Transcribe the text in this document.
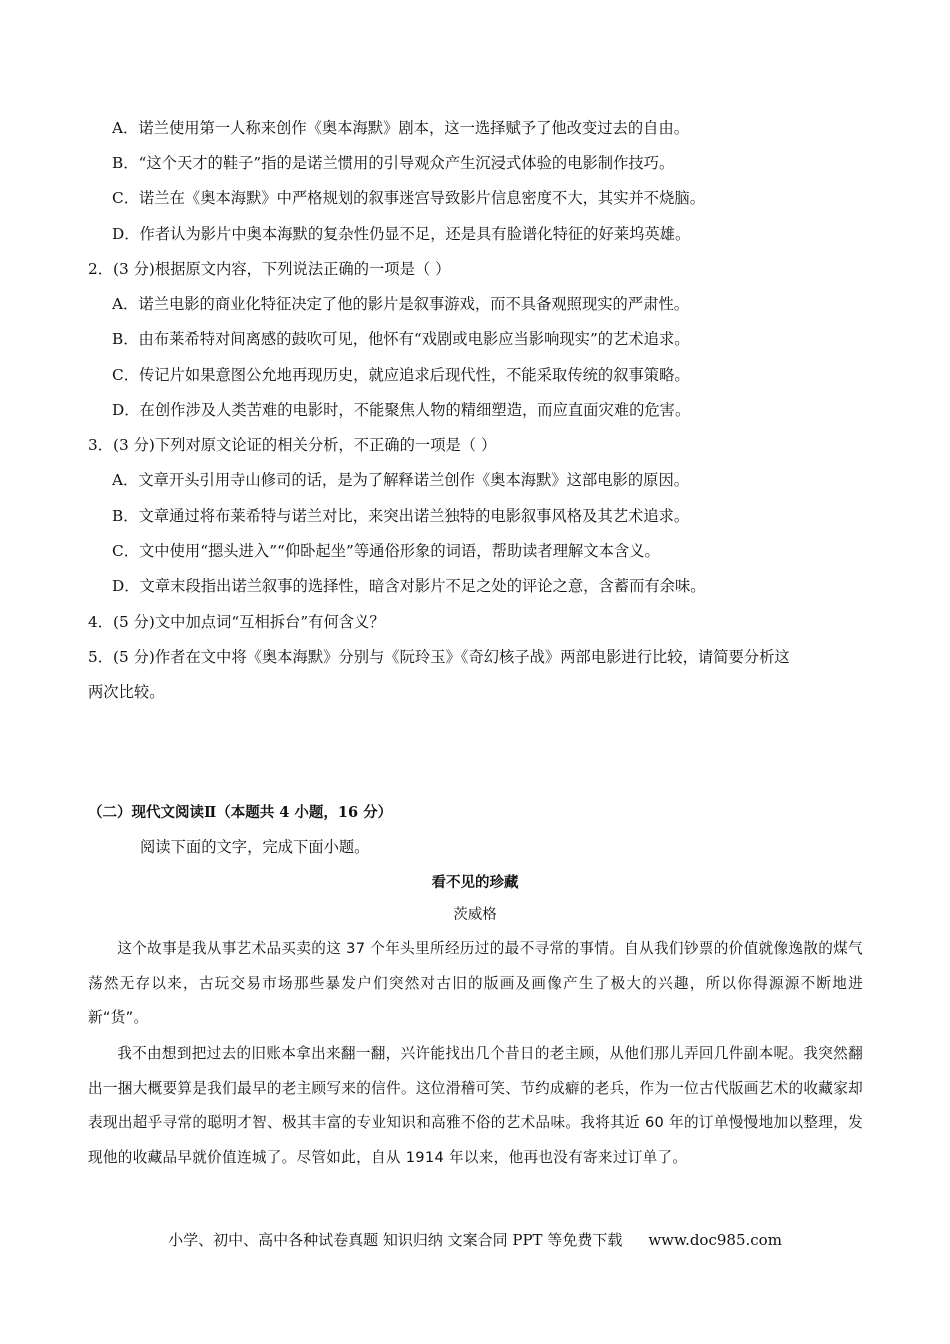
A．诺兰使用第一人称来创作《奥本海默》剧本，这一选择赋予了他改变过去的自由。

B．“这个天才的鞋子”指的是诺兰惯用的引导观众产生沉浸式体验的电影制作技巧。

C．诺兰在《奥本海默》中严格规划的叙事迷宫导致影片信息密度不大，其实并不烧脑。

D．作者认为影片中奥本海默的复杂性仍显不足，还是具有脸谱化特征的好莱坞英雄。

2．(3 分)根据原文内容，下列说法正确的一项是（ ）

A．诺兰电影的商业化特征决定了他的影片是叙事游戏，而不具备观照现实的严肃性。

B．由布莱希特对间离感的鼓吹可见，他怀有“戏剧或电影应当影响现实”的艺术追求。

C．传记片如果意图公允地再现历史，就应追求后现代性，不能采取传统的叙事策略。

D．在创作涉及人类苦难的电影时，不能聚焦人物的精细塑造，而应直面灾难的危害。

3．(3 分)下列对原文论证的相关分析，不正确的一项是（ ）

A．文章开头引用寺山修司的话，是为了解释诺兰创作《奥本海默》这部电影的原因。

B．文章通过将布莱希特与诺兰对比，来突出诺兰独特的电影叙事风格及其艺术追求。

C．文中使用“摁头进入”“仰卧起坐”等通俗形象的词语，帮助读者理解文本含义。

D．文章末段指出诺兰叙事的选择性，暗含对影片不足之处的评论之意，含蓄而有余味。

4．(5 分)文中加点词“互相拆台”有何含义？

5．(5 分)作者在文中将《奥本海默》分别与《阮玲玉》《奇幻核子战》两部电影进行比较，请简要分析这

两次比较。

（二）现代文阅读Ⅱ（本题共 4 小题，16 分）

阅读下面的文字，完成下面小题。

看不见的珍藏

茨威格

这个故事是我从事艺术品买卖的这 37 个年头里所经历过的最不寻常的事情。自从我们钞票的价值就像逸散的煤气荡然无存以来，古玩交易市场那些暴发户们突然对古旧的版画及画像产生了极大的兴趣，所以你得源源不断地进新“货”。

我不由想到把过去的旧账本拿出来翻一翻，兴许能找出几个昔日的老主顾，从他们那儿弄回几件副本呢。我突然翻出一捆大概要算是我们最早的老主顾写来的信件。这位滑稽可笑、节约成癖的老兵，作为一位古代版画艺术的收藏家却表现出超乎寻常的聪明才智、极其丰富的专业知识和高雅不俗的艺术品味。我将其近 60 年的订单慢慢地加以整理，发现他的收藏品早就价值连城了。尽管如此，自从 1914 年以来，他再也没有寄来过订单了。

小学、初中、高中各种试卷真题 知识归纳 文案合同 PPT 等免费下载 www.doc985.com
